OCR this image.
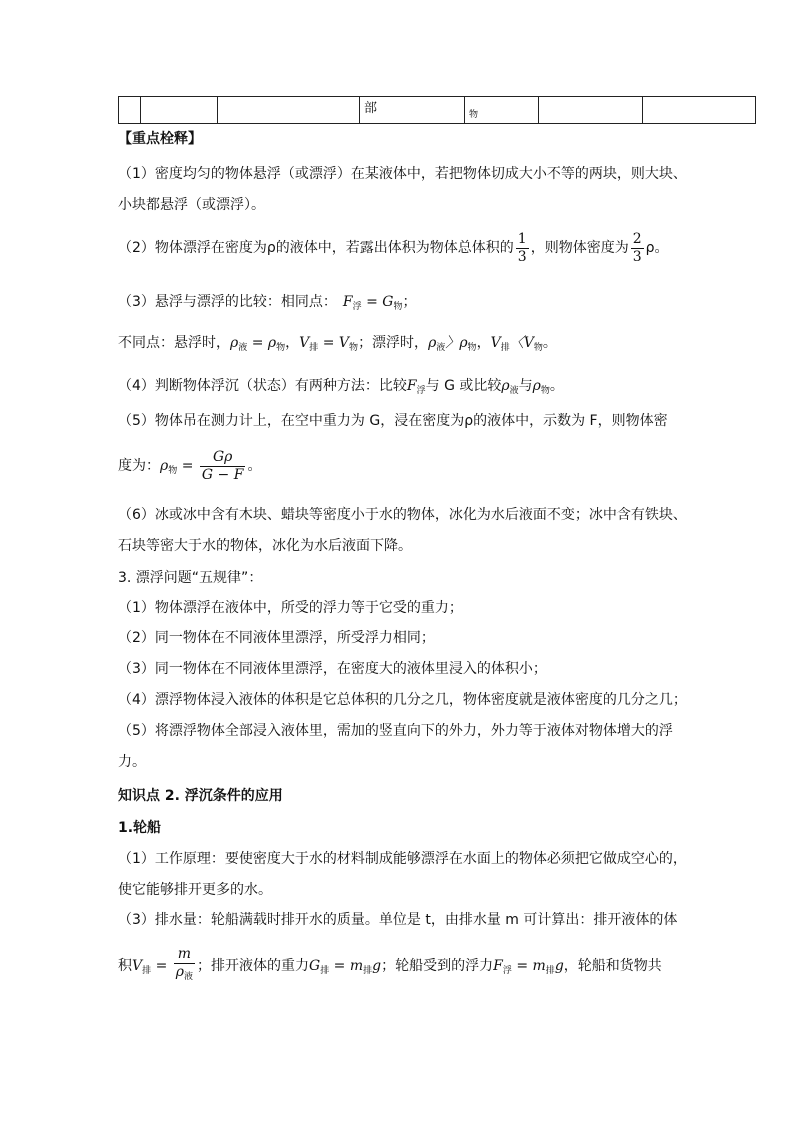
			部	物		
【重点栓释】
（1）密度均匀的物体悬浮（或漂浮）在某液体中，若把物体切成大小不等的两块，则大块、
小块都悬浮（或漂浮）。
（2）物体漂浮在密度为ρ的液体中，若露出体积为物体总体积的 $\frac{1}{3}$ ，则物体密度为 $\frac{2}{3}$ ρ。
（3）悬浮与漂浮的比较：相同点： $F_浮 = G_物$；
不同点：悬浮时，$\rho_液 = \rho_物$，$V_排 = V_物$；漂浮时，$\rho_液$〉$\rho_物$，$V_排$〈$V_物$。
（4）判断物体浮沉（状态）有两种方法：比较$F_浮$与 G 或比较$\rho_液$与$\rho_物$。
（5）物体吊在测力计上，在空中重力为 G，浸在密度为ρ的液体中，示数为 F，则物体密
度为：$\rho_物 = \frac{G\rho}{G - F}$ 。
（6）冰或冰中含有木块、蜡块等密度小于水的物体，冰化为水后液面不变；冰中含有铁块、
石块等密大于水的物体，冰化为水后液面下降。
3. 漂浮问题“五规律”：
（1）物体漂浮在液体中，所受的浮力等于它受的重力；
（2）同一物体在不同液体里漂浮，所受浮力相同；
（3）同一物体在不同液体里漂浮，在密度大的液体里浸入的体积小；
（4）漂浮物体浸入液体的体积是它总体积的几分之几，物体密度就是液体密度的几分之几；
（5）将漂浮物体全部浸入液体里，需加的竖直向下的外力，外力等于液体对物体增大的浮
力。
知识点 2. 浮沉条件的应用
1.轮船
（1）工作原理：要使密度大于水的材料制成能够漂浮在水面上的物体必须把它做成空心的，
使它能够排开更多的水。
（3）排水量：轮船满载时排开水的质量。单位是 t，由排水量 m 可计算出：排开液体的体
积$V_排 = \frac{m}{\rho_液}$ ；排开液体的重力$G_排 = m_排g$；轮船受到的浮力$F_浮 = m_排g$，轮船和货物共
